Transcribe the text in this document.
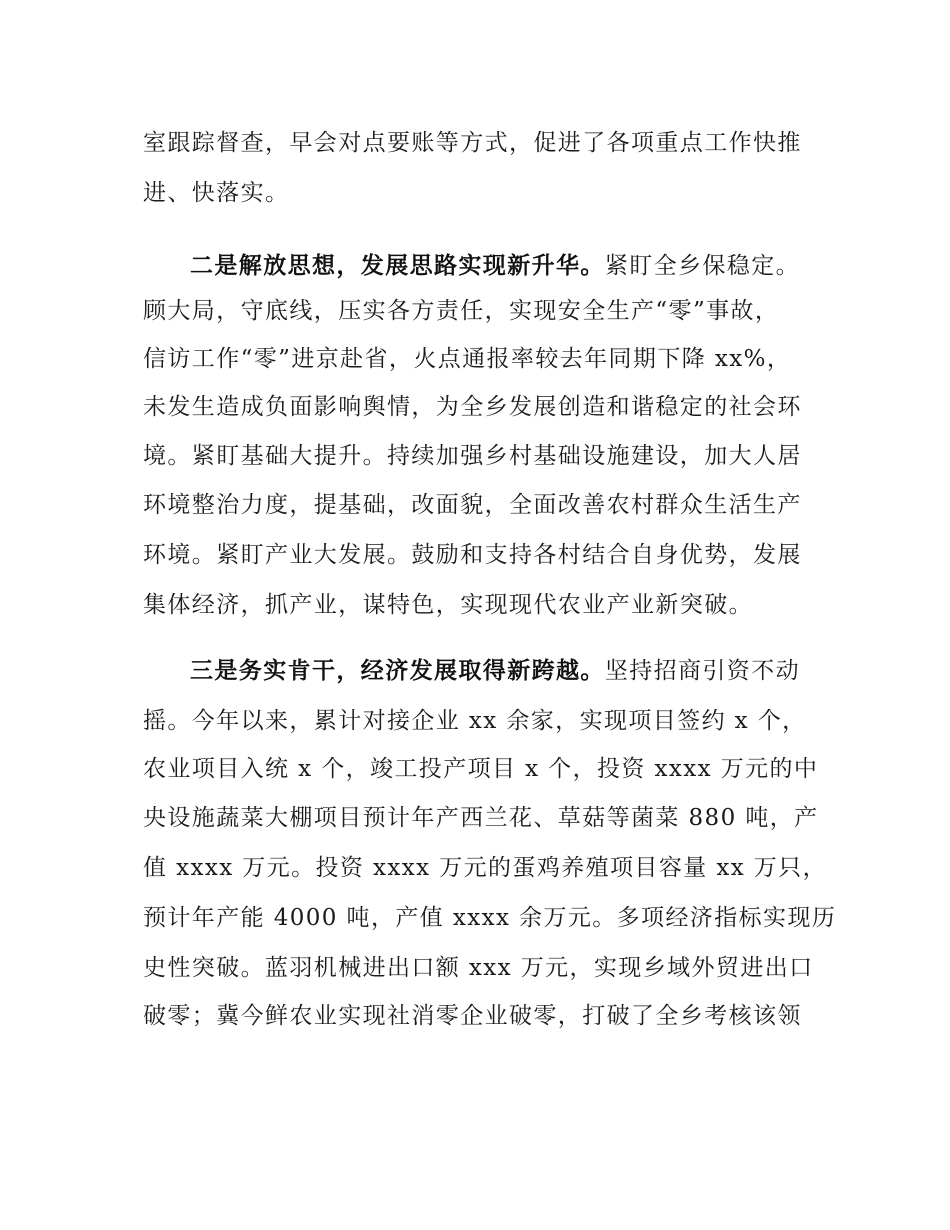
室跟踪督查，早会对点要账等方式，促进了各项重点工作快推
进、快落实。
二是解放思想，发展思路实现新升华。紧盯全乡保稳定。
顾大局，守底线，压实各方责任，实现安全生产“零”事故，
信访工作“零”进京赴省，火点通报率较去年同期下降 xx%，
未发生造成负面影响舆情，为全乡发展创造和谐稳定的社会环
境。紧盯基础大提升。持续加强乡村基础设施建设，加大人居
环境整治力度，提基础，改面貌，全面改善农村群众生活生产
环境。紧盯产业大发展。鼓励和支持各村结合自身优势，发展
集体经济，抓产业，谋特色，实现现代农业产业新突破。
三是务实肯干，经济发展取得新跨越。坚持招商引资不动
摇。今年以来，累计对接企业 xx 余家，实现项目签约 x 个，
农业项目入统 x 个，竣工投产项目 x 个，投资 xxxx 万元的中
央设施蔬菜大棚项目预计年产西兰花、草菇等菌菜 880 吨，产
值 xxxx 万元。投资 xxxx 万元的蛋鸡养殖项目容量 xx 万只，
预计年产能 4000 吨，产值 xxxx 余万元。多项经济指标实现历
史性突破。蓝羽机械进出口额 xxx 万元，实现乡域外贸进出口
破零；冀今鲜农业实现社消零企业破零，打破了全乡考核该领
